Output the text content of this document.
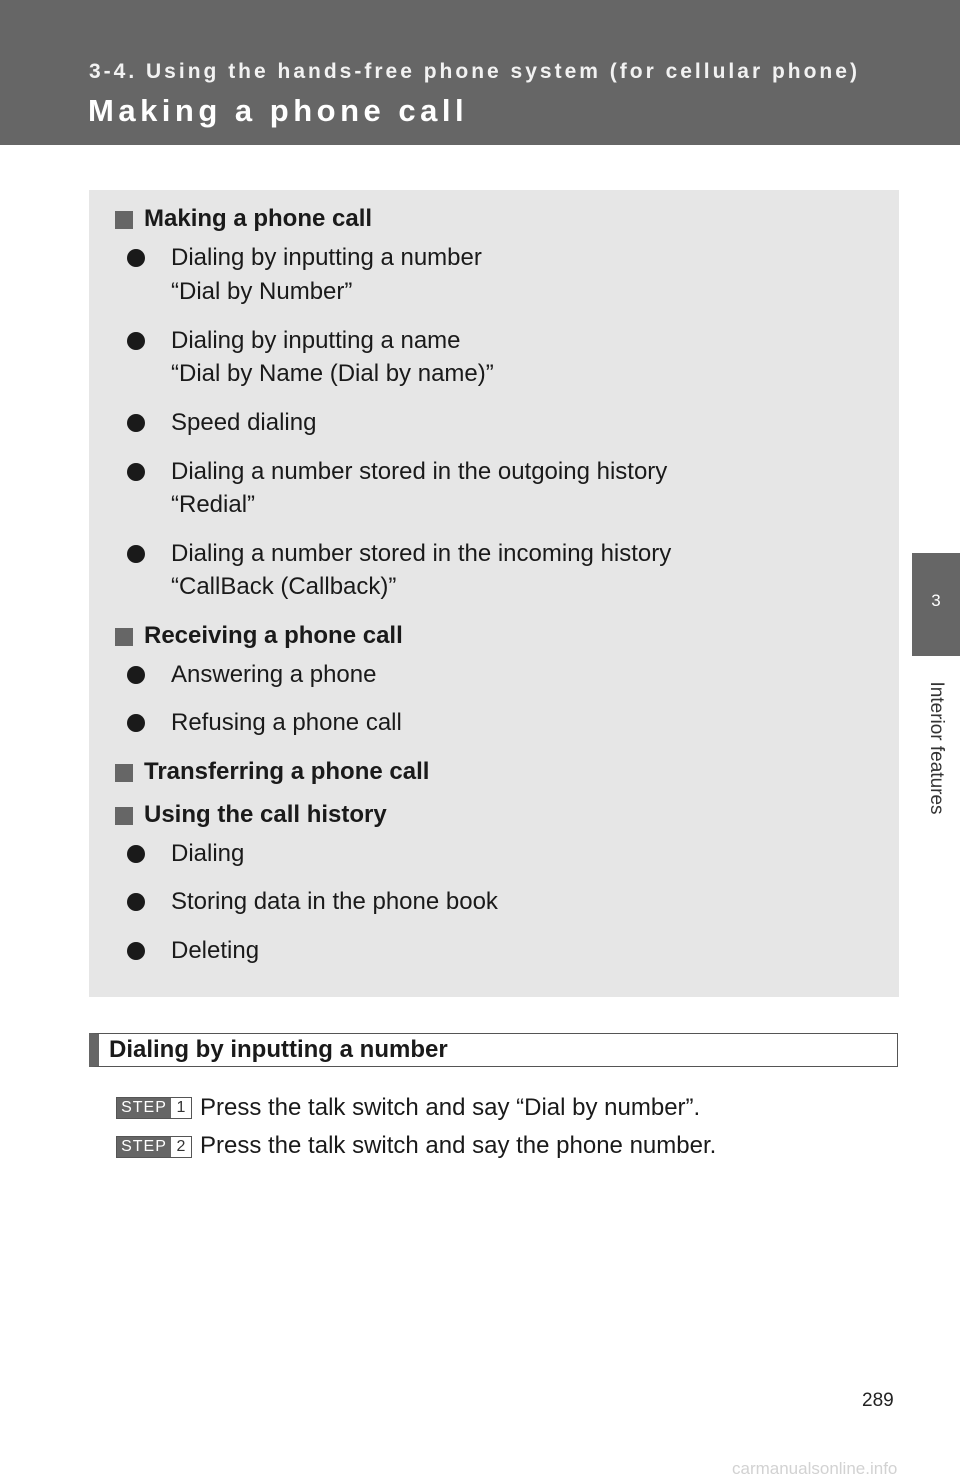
3-4. Using the hands-free phone system (for cellular phone)
Making a phone call
3
Interior features
Making a phone call
Dialing by inputting a number
“Dial by Number”
Dialing by inputting a name
“Dial by Name (Dial by name)”
Speed dialing
Dialing a number stored in the outgoing history
“Redial”
Dialing a number stored in the incoming history
“CallBack (Callback)”
Receiving a phone call
Answering a phone
Refusing a phone call
Transferring a phone call
Using the call history
Dialing
Storing data in the phone book
Deleting
Dialing by inputting a number
STEP 1 Press the talk switch and say “Dial by number”.
STEP 2 Press the talk switch and say the phone number.
289
carmanualsonline.info
